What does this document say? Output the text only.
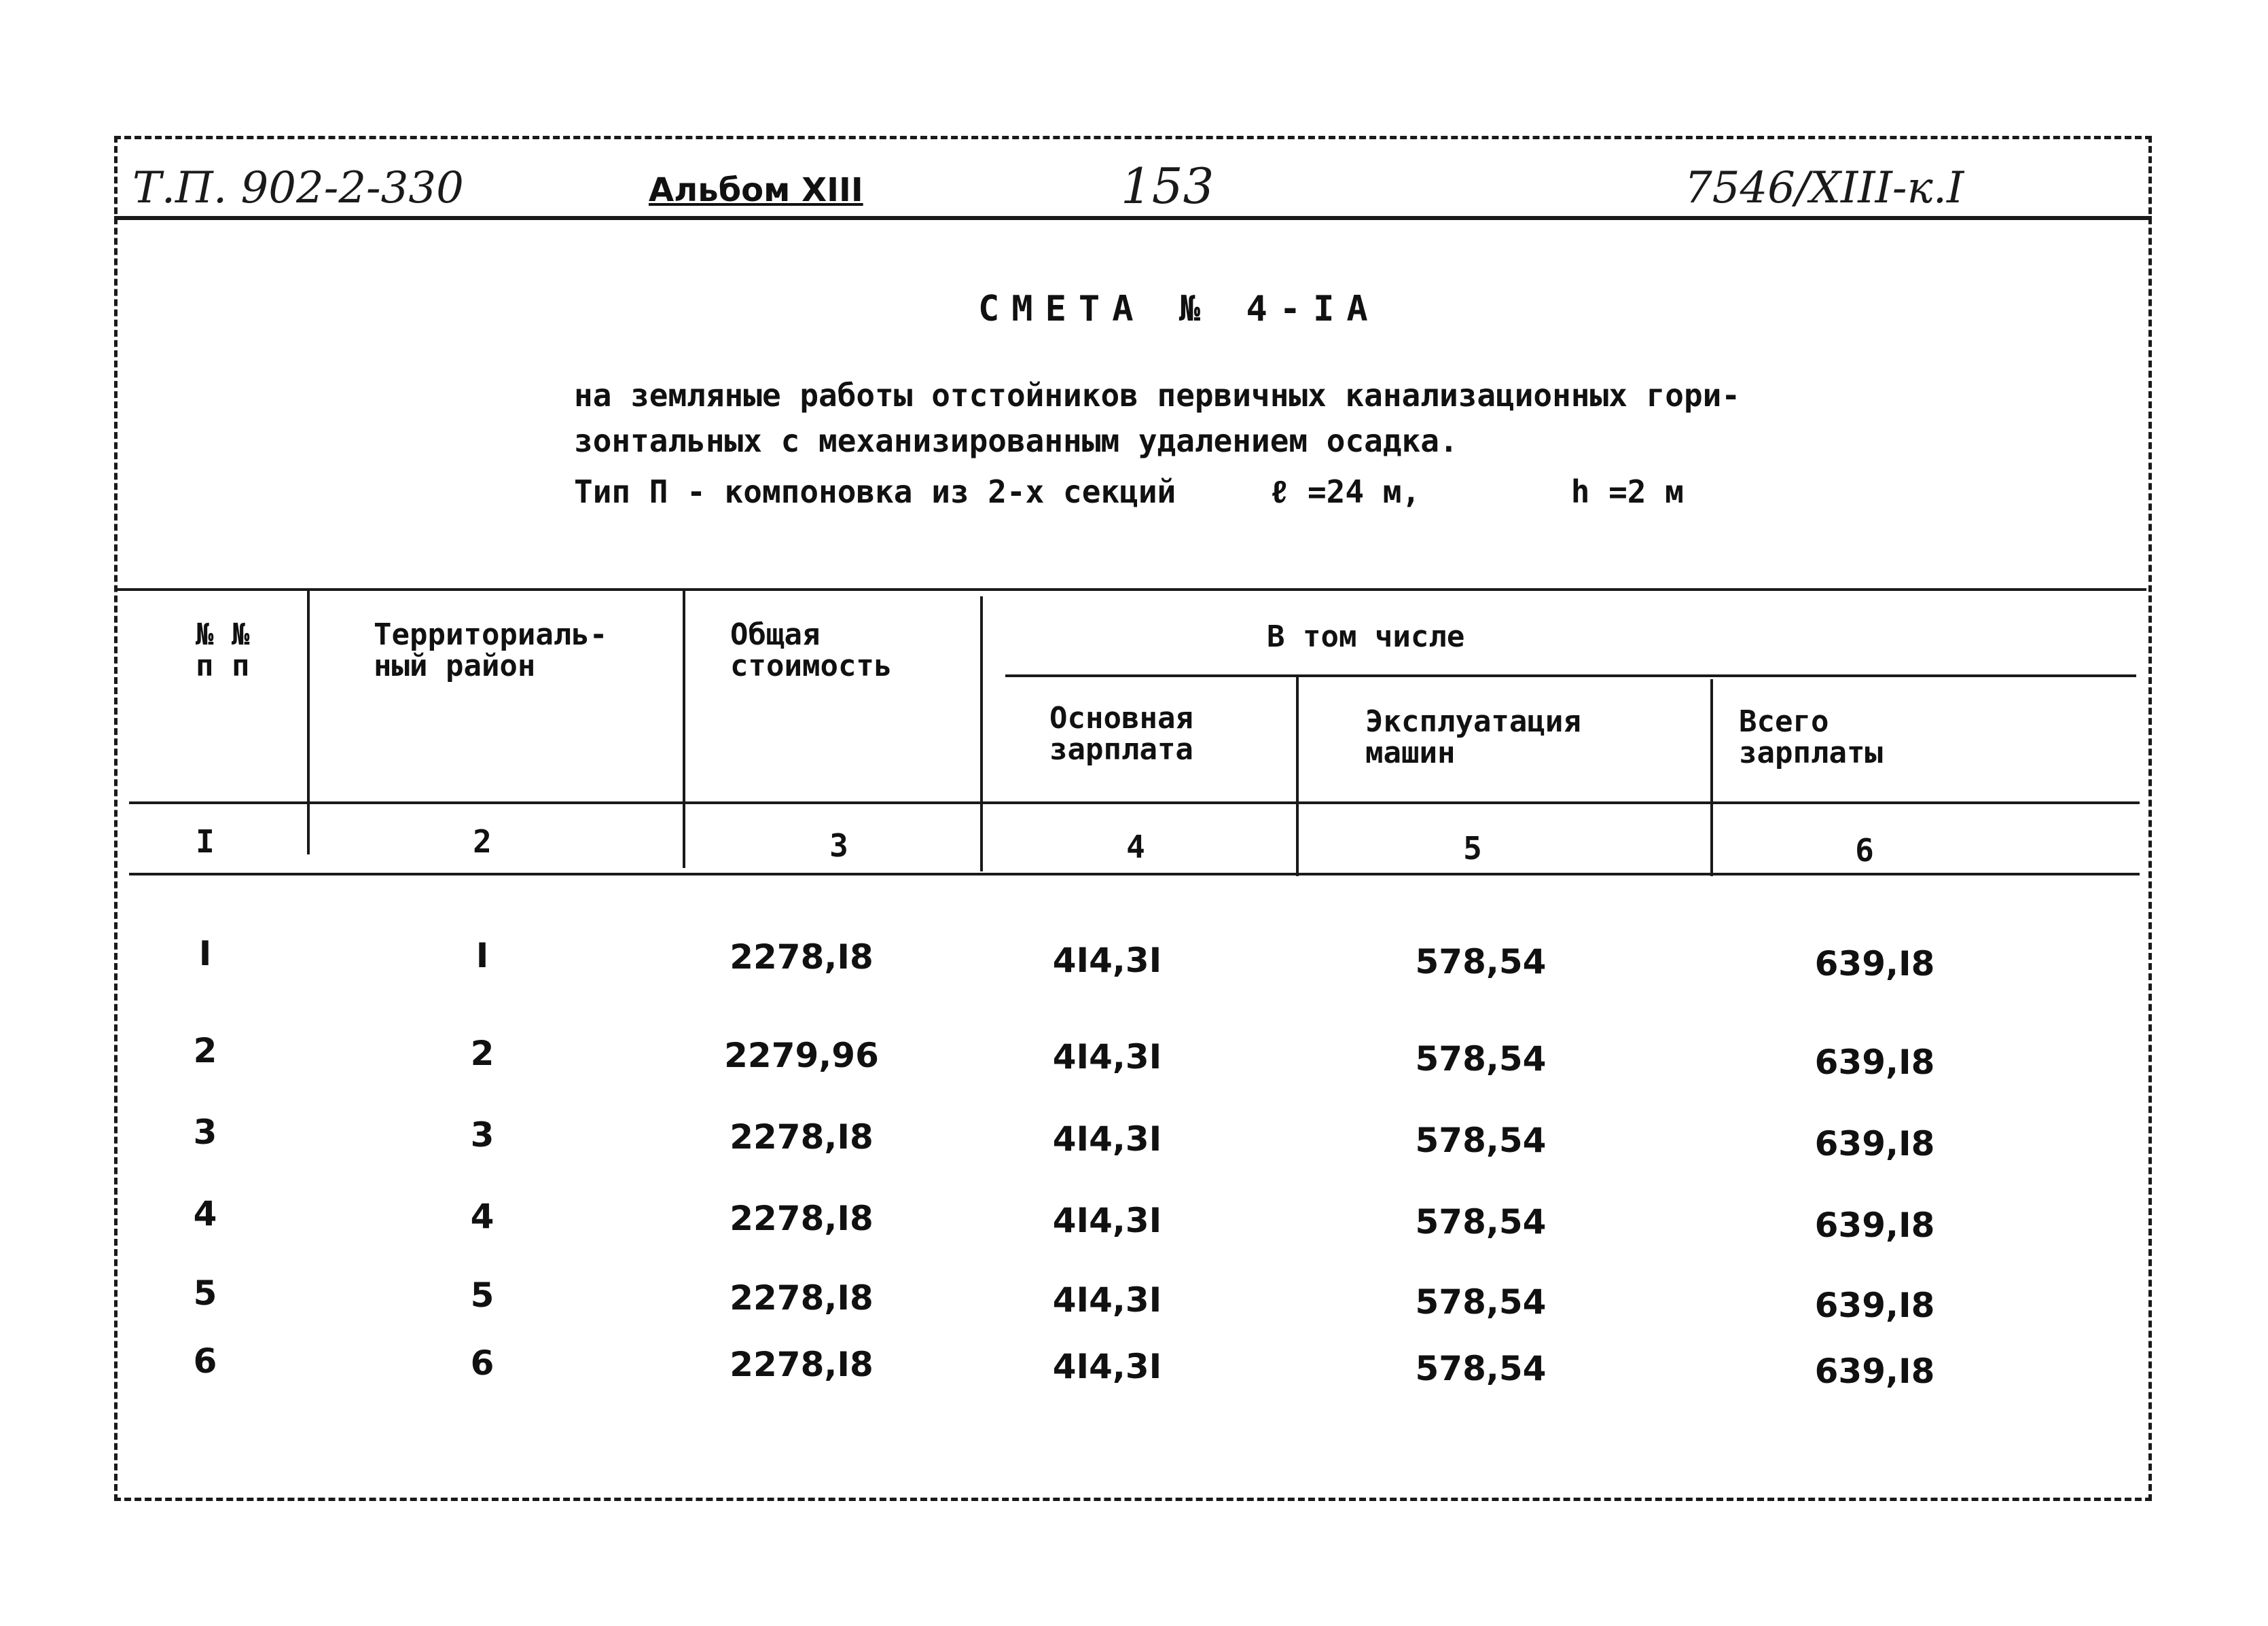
Т.П. 902-2-330	Альбом XIII	153	7546/XIII-к.I
СМЕТА № 4-IA
на земляные работы отстойников первичных канализационных гори-
зонтальных с механизированным удалением осадка.
Тип П - компоновка из 2-х секций     ℓ =24 м,        h =2 м
№ №
п п
Территориаль-
ный район
Общая
стоимость
В том числе
Основная
зарплата
Эксплуатация
машин
Всего
зарплаты
I	2	3	4	5	6
I	I	2278,I8	4I4,3I	578,54	639,I8
2	2	2279,96	4I4,3I	578,54	639,I8
3	3	2278,I8	4I4,3I	578,54	639,I8
4	4	2278,I8	4I4,3I	578,54	639,I8
5	5	2278,I8	4I4,3I	578,54	639,I8
6	6	2278,I8	4I4,3I	578,54	639,I8
